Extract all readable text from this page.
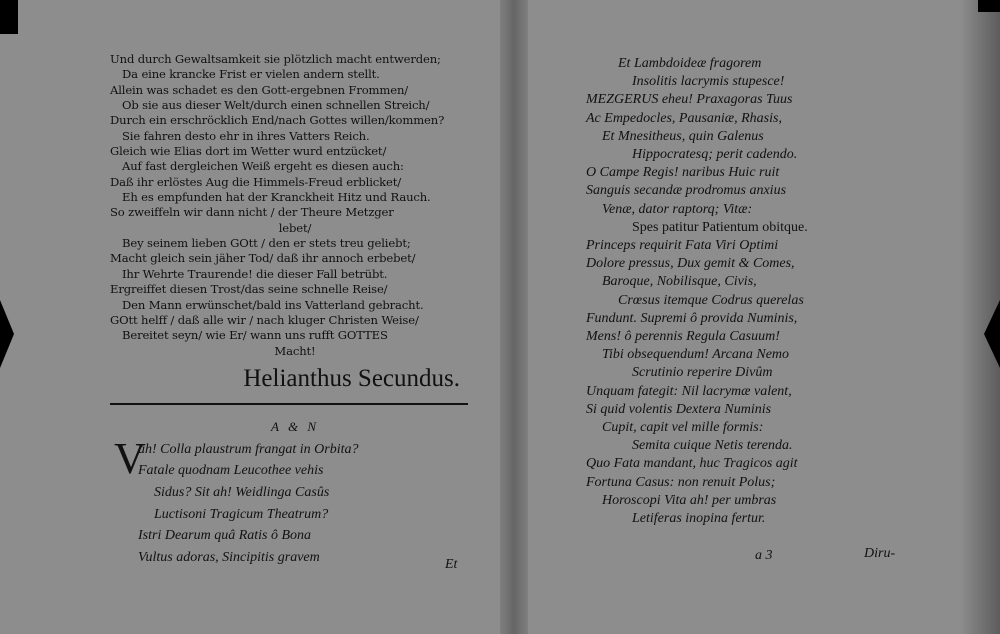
Und durch Gewaltsamkeit sie plötzlich macht entwerden;
Da eine krancke Frist er vielen andern stellt.
Allein was schadet es den Gott-ergebnen Frommen/
Ob sie aus dieser Welt/durch einen schnellen Streich/
Durch ein erschröcklich End/nach Gottes willen/kommen?
Sie fahren desto ehr in ihres Vatters Reich.
Gleich wie Elias dort im Wetter wurd entzücket/
Auf fast dergleichen Weiß ergeht es diesen auch:
Daß ihr erlöstes Aug die Himmels-Freud erblicket/
Eh es empfunden hat der Kranckheit Hitz und Rauch.
So zweiffeln wir dann nicht / der Theure Metzger
lebet/
Bey seinem lieben GOtt / den er stets treu geliebt;
Macht gleich sein jäher Tod/ daß ihr annoch erbebet/
Ihr Wehrte Traurende! die dieser Fall betrübt.
Ergreiffet diesen Trost/das seine schnelle Reise/
Den Mann erwünschet/bald ins Vatterland gebracht.
GOtt helff / daß alle wir / nach kluger Christen Weise/
Bereitet seyn/ wie Er/ wann uns rufft GOTTES
Macht!
Helianthus Secundus.
A & N
V
ah! Colla plaustrum frangat in Orbita?
Fatale quodnam Leucothee vehis
Sidus? Sit ah! Weidlinga Casûs
Luctisoni Tragicum Theatrum?
Istri Dearum quâ Ratis ô Bona
Vultus adoras, Sincipitis gravem	Et
Et Lambdoideæ fragorem
Insolitis lacrymis stupesce!
MEZGERUS eheu! Praxagoras Tuus
Ac Empedocles, Pausaniæ, Rhasis,
Et Mnesitheus, quin Galenus
Hippocratesq; perit cadendo.
O Campe Regis! naribus Huic ruit
Sanguis secandæ prodromus anxius
Venæ, dator raptorq; Vitæ:
Spes patitur Patientum obitque.
Princeps requirit Fata Viri Optimi
Dolore pressus, Dux gemit & Comes,
Baroque, Nobilisque, Civis,
Crœsus itemque Codrus querelas
Fundunt. Supremi ô provida Numinis,
Mens! ô perennis Regula Casuum!
Tibi obsequendum! Arcana Nemo
Scrutinio reperire Divûm
Unquam fategit: Nil lacrymæ valent,
Si quid volentis Dextera Numinis
Cupit, capit vel mille formis:
Semita cuique Netis terenda.
Quo Fata mandant, huc Tragicos agit
Fortuna Casus: non renuit Polus;
Horoscopi Vita ah! per umbras
Letiferas inopina fertur.
a 3	Diru-
